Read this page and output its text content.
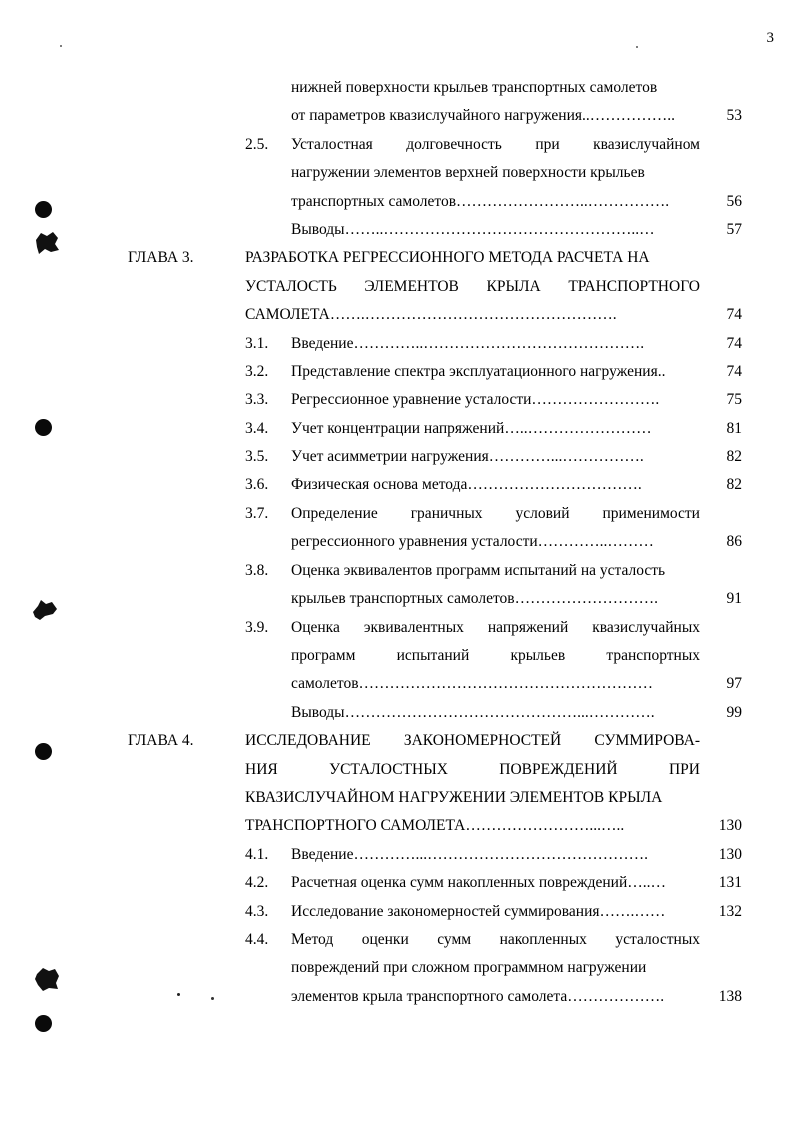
3
нижней поверхности крыльев транспортных самолетов
от параметров квазислучайного нагружения..……………..	53
2.5. Усталостная долговечность при квазислучайном
нагружении элементов верхней поверхности крыльев
транспортных самолетов……………………..…………….	56
Выводы……..…………………………………………..…	57
ГЛАВА 3.	РАЗРАБОТКА РЕГРЕССИОННОГО МЕТОДА РАСЧЕТА НА
УСТАЛОСТЬ ЭЛЕМЕНТОВ КРЫЛА ТРАНСПОРТНОГО
САМОЛЕТА…….………………………………………….	74
3.1. Введение…………..…………………………………….	74
3.2. Представление спектра эксплуатационного нагружения..	74
3.3. Регрессионное уравнение усталости…………………….	75
3.4. Учет концентрации напряжений…..……………………	81
3.5. Учет асимметрии нагружения…………...…………….	82
3.6. Физическая основа метода…………………………….	82
3.7. Определение граничных условий применимости
регрессионного уравнения усталости…………..………	86
3.8. Оценка эквивалентов программ испытаний на усталость
крыльев транспортных самолетов……………………….	91
3.9. Оценка эквивалентных напряжений квазислучайных
программ	испытаний	крыльев	транспортных
самолетов…………………………………………………	97
Выводы………………………………………...………….	99
ГЛАВА 4.	ИССЛЕДОВАНИЕ ЗАКОНОМЕРНОСТЕЙ СУММИРОВА-
НИЯ	УСТАЛОСТНЫХ	ПОВРЕЖДЕНИЙ	ПРИ
КВАЗИСЛУЧАЙНОМ НАГРУЖЕНИИ ЭЛЕМЕНТОВ КРЫЛА
ТРАНСПОРТНОГО САМОЛЕТА……………………...…..	130
4.1. Введение…………...…………………………………….	130
4.2. Расчетная оценка сумм накопленных повреждений…..…	131
4.3. Исследование закономерностей суммирования…….……	132
4.4. Метод оценки сумм накопленных усталостных
повреждений при сложном программном нагружении
элементов крыла транспортного самолета……………….	138
